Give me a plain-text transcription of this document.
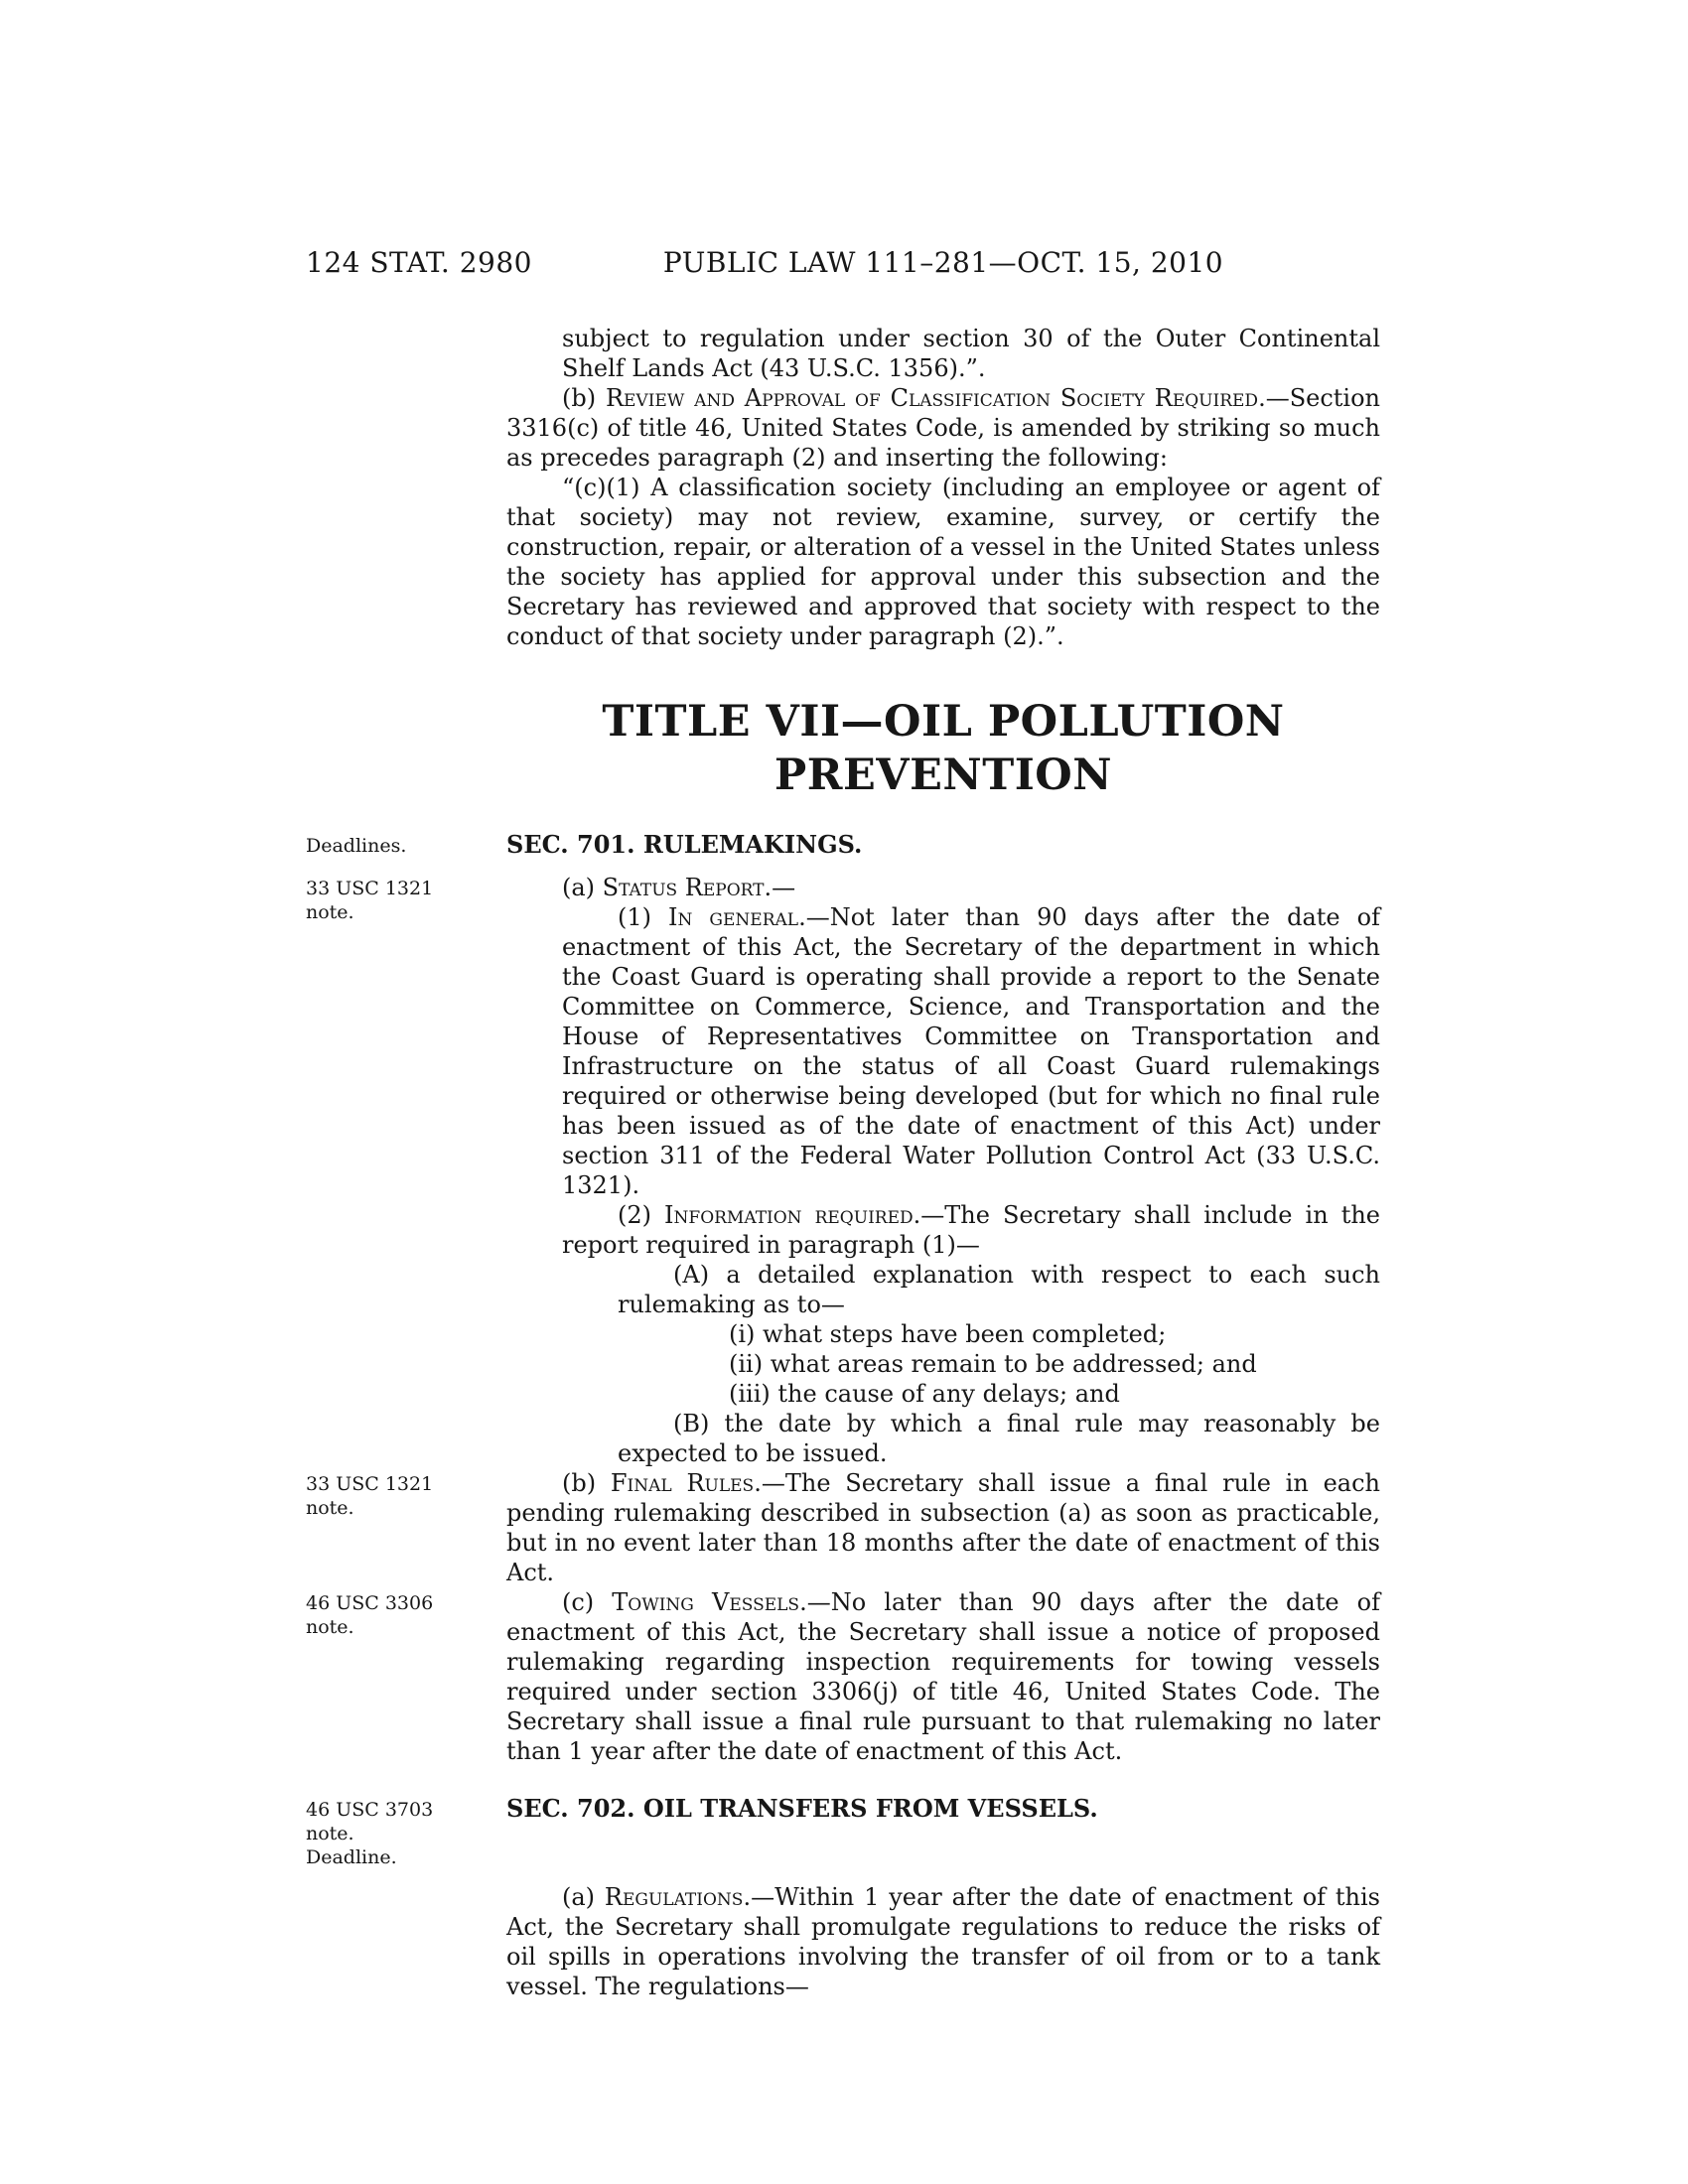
124 STAT. 2980	PUBLIC LAW 111–281—OCT. 15, 2010

subject to regulation under section 30 of the Outer Continental Shelf Lands Act (43 U.S.C. 1356).”.

(b) Review and Approval of Classification Society Required.—Section 3316(c) of title 46, United States Code, is amended by striking so much as precedes paragraph (2) and inserting the following:

“(c)(1) A classification society (including an employee or agent of that society) may not review, examine, survey, or certify the construction, repair, or alteration of a vessel in the United States unless the society has applied for approval under this subsection and the Secretary has reviewed and approved that society with respect to the conduct of that society under paragraph (2).”.

TITLE VII—OIL POLLUTION
PREVENTION
Deadlines.	SEC. 701. RULEMAKINGS.
33 USC 1321
note.

(a) Status Report.—

(1) In general.—Not later than 90 days after the date of enactment of this Act, the Secretary of the department in which the Coast Guard is operating shall provide a report to the Senate Committee on Commerce, Science, and Transportation and the House of Representatives Committee on Transportation and Infrastructure on the status of all Coast Guard rulemakings required or otherwise being developed (but for which no final rule has been issued as of the date of enactment of this Act) under section 311 of the Federal Water Pollution Control Act (33 U.S.C. 1321).

(2) Information required.—The Secretary shall include in the report required in paragraph (1)—

(A) a detailed explanation with respect to each such rulemaking as to—

(i) what steps have been completed;

(ii) what areas remain to be addressed; and

(iii) the cause of any delays; and

(B) the date by which a final rule may reasonably be expected to be issued.

33 USC 1321
note.

(b) Final Rules.—The Secretary shall issue a final rule in each pending rulemaking described in subsection (a) as soon as practicable, but in no event later than 18 months after the date of enactment of this Act.

46 USC 3306
note.

(c) Towing Vessels.—No later than 90 days after the date of enactment of this Act, the Secretary shall issue a notice of proposed rulemaking regarding inspection requirements for towing vessels required under section 3306(j) of title 46, United States Code. The Secretary shall issue a final rule pursuant to that rulemaking no later than 1 year after the date of enactment of this Act.

46 USC 3703
note.
Deadline.
SEC. 702. OIL TRANSFERS FROM VESSELS.

(a) Regulations.—Within 1 year after the date of enactment of this Act, the Secretary shall promulgate regulations to reduce the risks of oil spills in operations involving the transfer of oil from or to a tank vessel. The regulations—
